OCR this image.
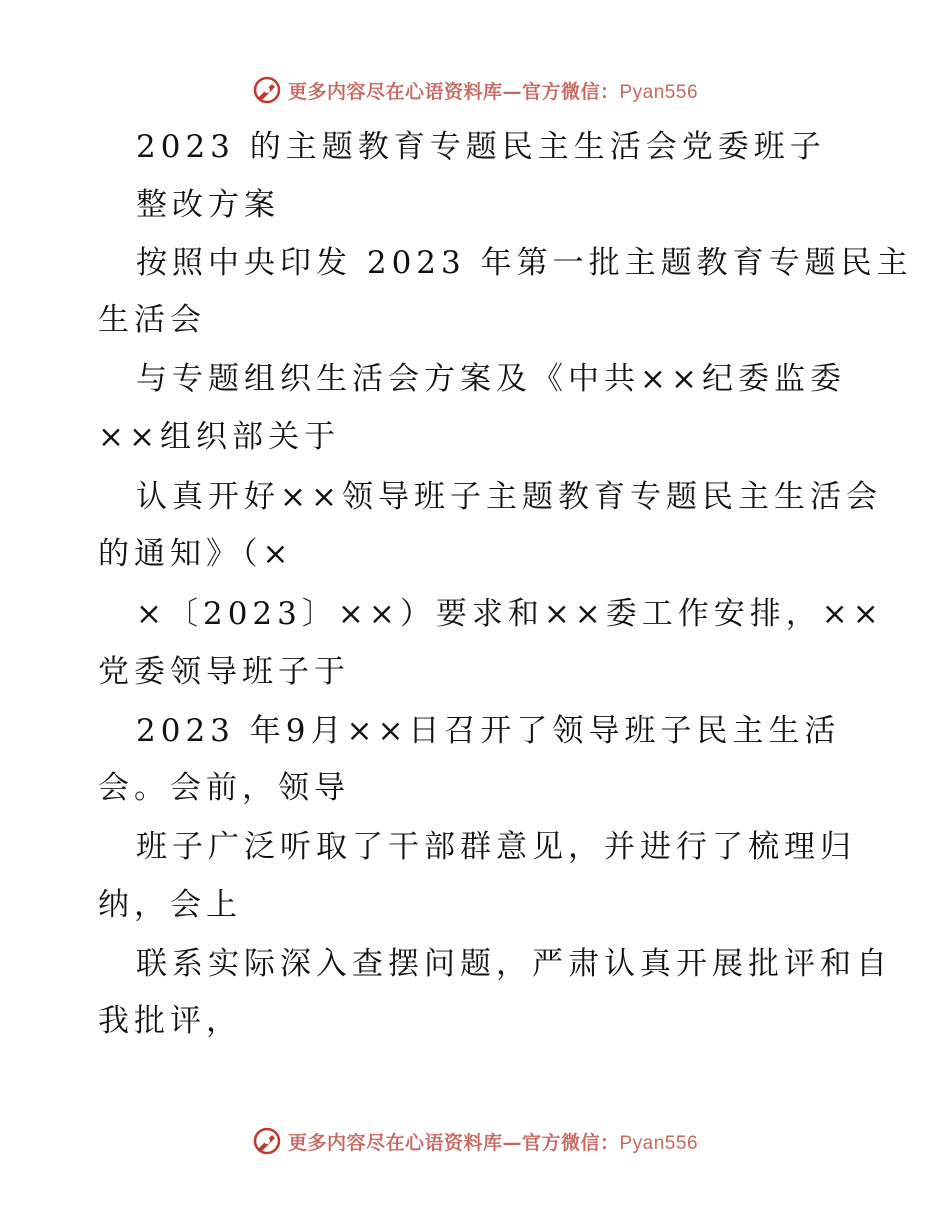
更多内容尽在心语资料库—官方微信：Pyan556
2023 的主题教育专题民主生活会党委班子
整改方案
按照中央印发 2023 年第一批主题教育专题民主
生活会
与专题组织生活会方案及《中共××纪委监委
××组织部关于
认真开好××领导班子主题教育专题民主生活会
的通知》（×
×〔2023〕××）要求和××委工作安排，××
党委领导班子于
2023 年9月××日召开了领导班子民主生活
会。会前，领导
班子广泛听取了干部群意见，并进行了梳理归
纳，会上
联系实际深入查摆问题，严肃认真开展批评和自
我批评，
更多内容尽在心语资料库—官方微信：Pyan556
